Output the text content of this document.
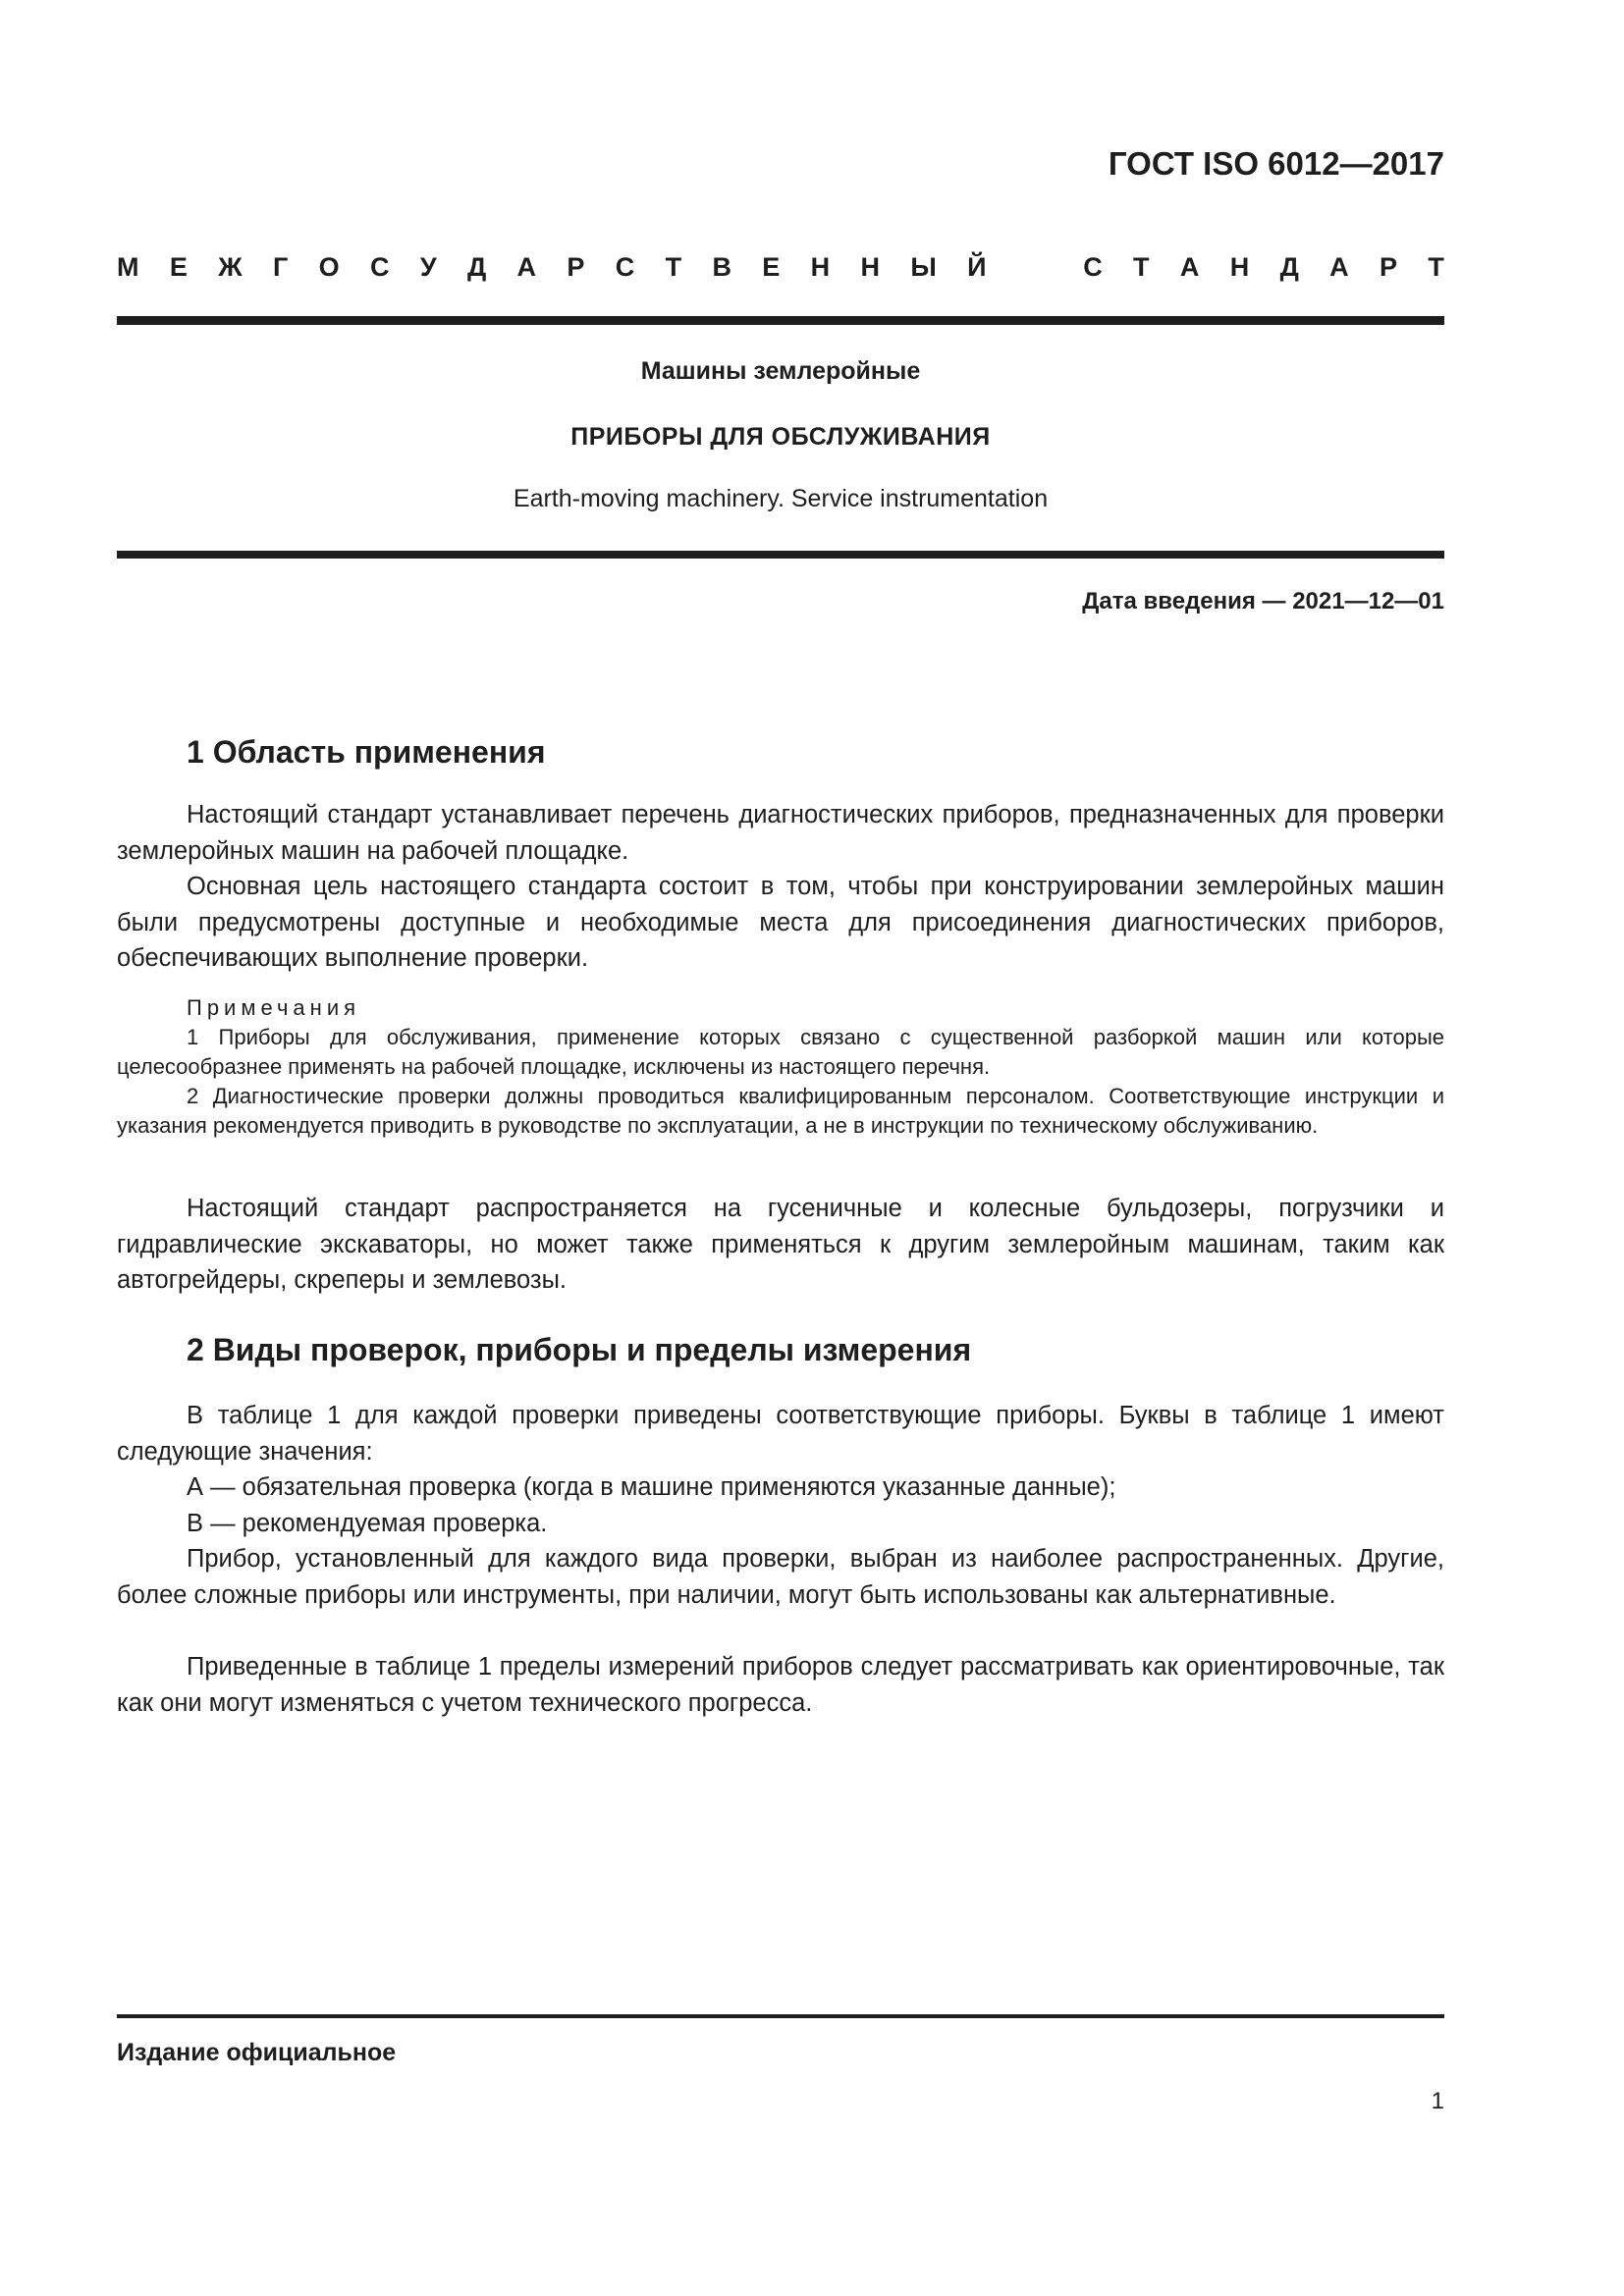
ГОСТ ISO 6012—2017
М Е Ж Г О С У Д А Р С Т В Е Н Н Ы Й	С Т А Н Д А Р Т
Машины землеройные
ПРИБОРЫ ДЛЯ ОБСЛУЖИВАНИЯ
Earth-moving machinery. Service instrumentation
Дата введения — 2021—12—01
1 Область применения

Настоящий стандарт устанавливает перечень диагностических приборов, предназначенных для проверки землеройных машин на рабочей площадке.

Основная цель настоящего стандарта состоит в том, чтобы при конструировании землеройных машин были предусмотрены доступные и необходимые места для присоединения диагностических приборов, обеспечивающих выполнение проверки.

Примечания

1 Приборы для обслуживания, применение которых связано с существенной разборкой машин или которые целесообразнее применять на рабочей площадке, исключены из настоящего перечня.

2 Диагностические проверки должны проводиться квалифицированным персоналом. Соответствующие инструкции и указания рекомендуется приводить в руководстве по эксплуатации, а не в инструкции по техническому обслуживанию.

Настоящий стандарт распространяется на гусеничные и колесные бульдозеры, погрузчики и гидравлические экскаваторы, но может также применяться к другим землеройным машинам, таким как автогрейдеры, скреперы и землевозы.

2 Виды проверок, приборы и пределы измерения

В таблице 1 для каждой проверки приведены соответствующие приборы. Буквы в таблице 1 имеют следующие значения:

А — обязательная проверка (когда в машине применяются указанные данные);

В — рекомендуемая проверка.

Прибор, установленный для каждого вида проверки, выбран из наиболее распространенных. Другие, более сложные приборы или инструменты, при наличии, могут быть использованы как альтернативные.

Приведенные в таблице 1 пределы измерений приборов следует рассматривать как ориентировочные, так как они могут изменяться с учетом технического прогресса.

Издание официальное
1
